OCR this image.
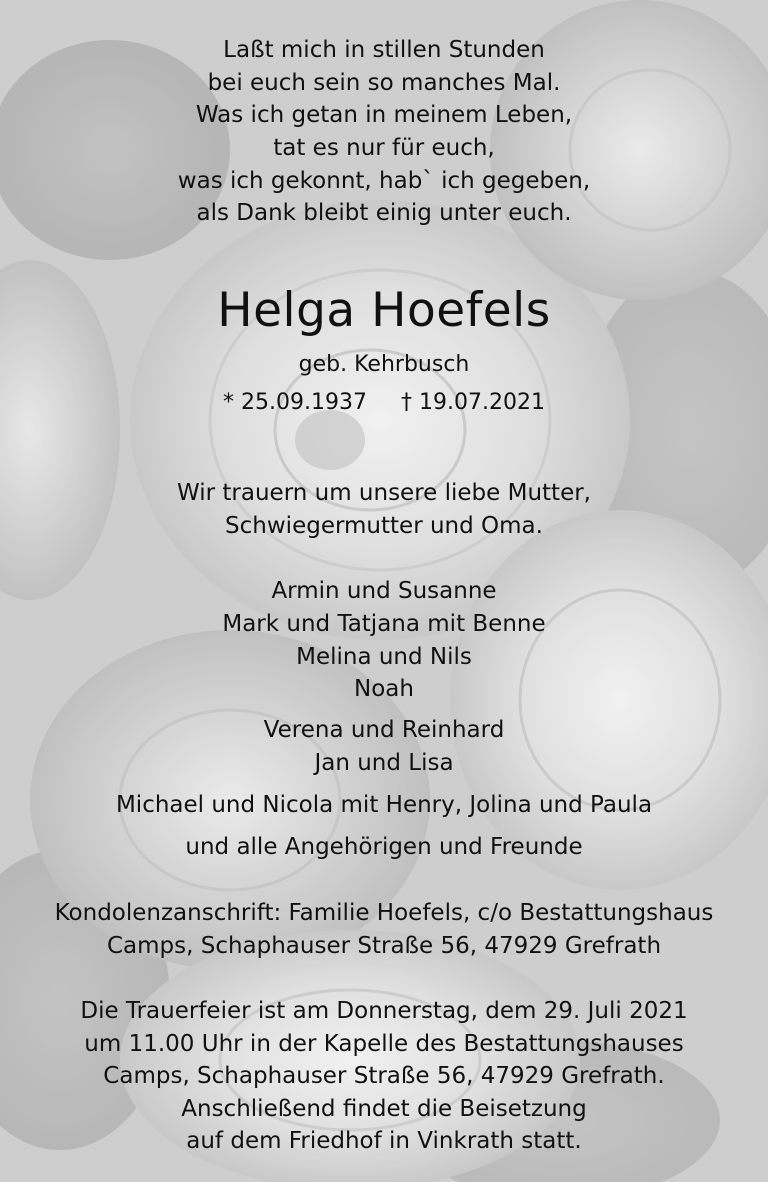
Laßt mich in stillen Stunden
bei euch sein so manches Mal.
Was ich getan in meinem Leben,
tat es nur für euch,
was ich gekonnt, hab` ich gegeben,
als Dank bleibt einig unter euch.
Helga Hoefels
geb. Kehrbusch
* 25.09.1937 † 19.07.2021
Wir trauern um unsere liebe Mutter,
Schwiegermutter und Oma.
Armin und Susanne
Mark und Tatjana mit Benne
Melina und Nils
Noah
Verena und Reinhard
Jan und Lisa
Michael und Nicola mit Henry, Jolina und Paula
und alle Angehörigen und Freunde
Kondolenzanschrift: Familie Hoefels, c/o Bestattungshaus
Camps, Schaphauser Straße 56, 47929 Grefrath
Die Trauerfeier ist am Donnerstag, dem 29. Juli 2021
um 11.00 Uhr in der Kapelle des Bestattungshauses
Camps, Schaphauser Straße 56, 47929 Grefrath.
Anschließend findet die Beisetzung
auf dem Friedhof in Vinkrath statt.
